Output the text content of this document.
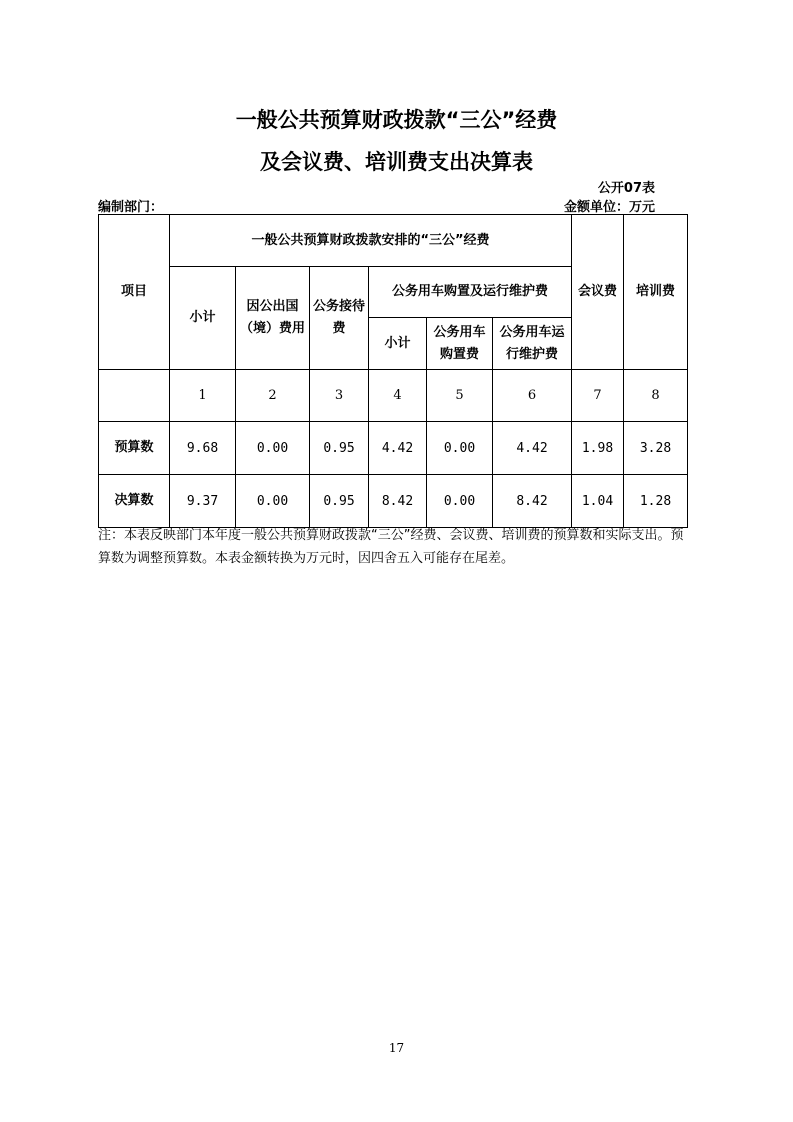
一般公共预算财政拨款“三公”经费
及会议费、培训费支出决算表
公开07表
编制部门：	金额单位：万元
项目	一般公共预算财政拨款安排的“三公”经费						会议费	培训费
	小计	因公出国（境）费用	公务接待费	公务用车购置及运行维护费				
				小计	公务用车购置费	公务用车运行维护费		
	1	2	3	4	5	6	7	8
预算数	9.68	0.00	0.95	4.42	0.00	4.42	1.98	3.28
决算数	9.37	0.00	0.95	8.42	0.00	8.42	1.04	1.28
注：本表反映部门本年度一般公共预算财政拨款“三公”经费、会议费、培训费的预算数和实际支出。预算数为调整预算数。本表金额转换为万元时，因四舍五入可能存在尾差。
17
